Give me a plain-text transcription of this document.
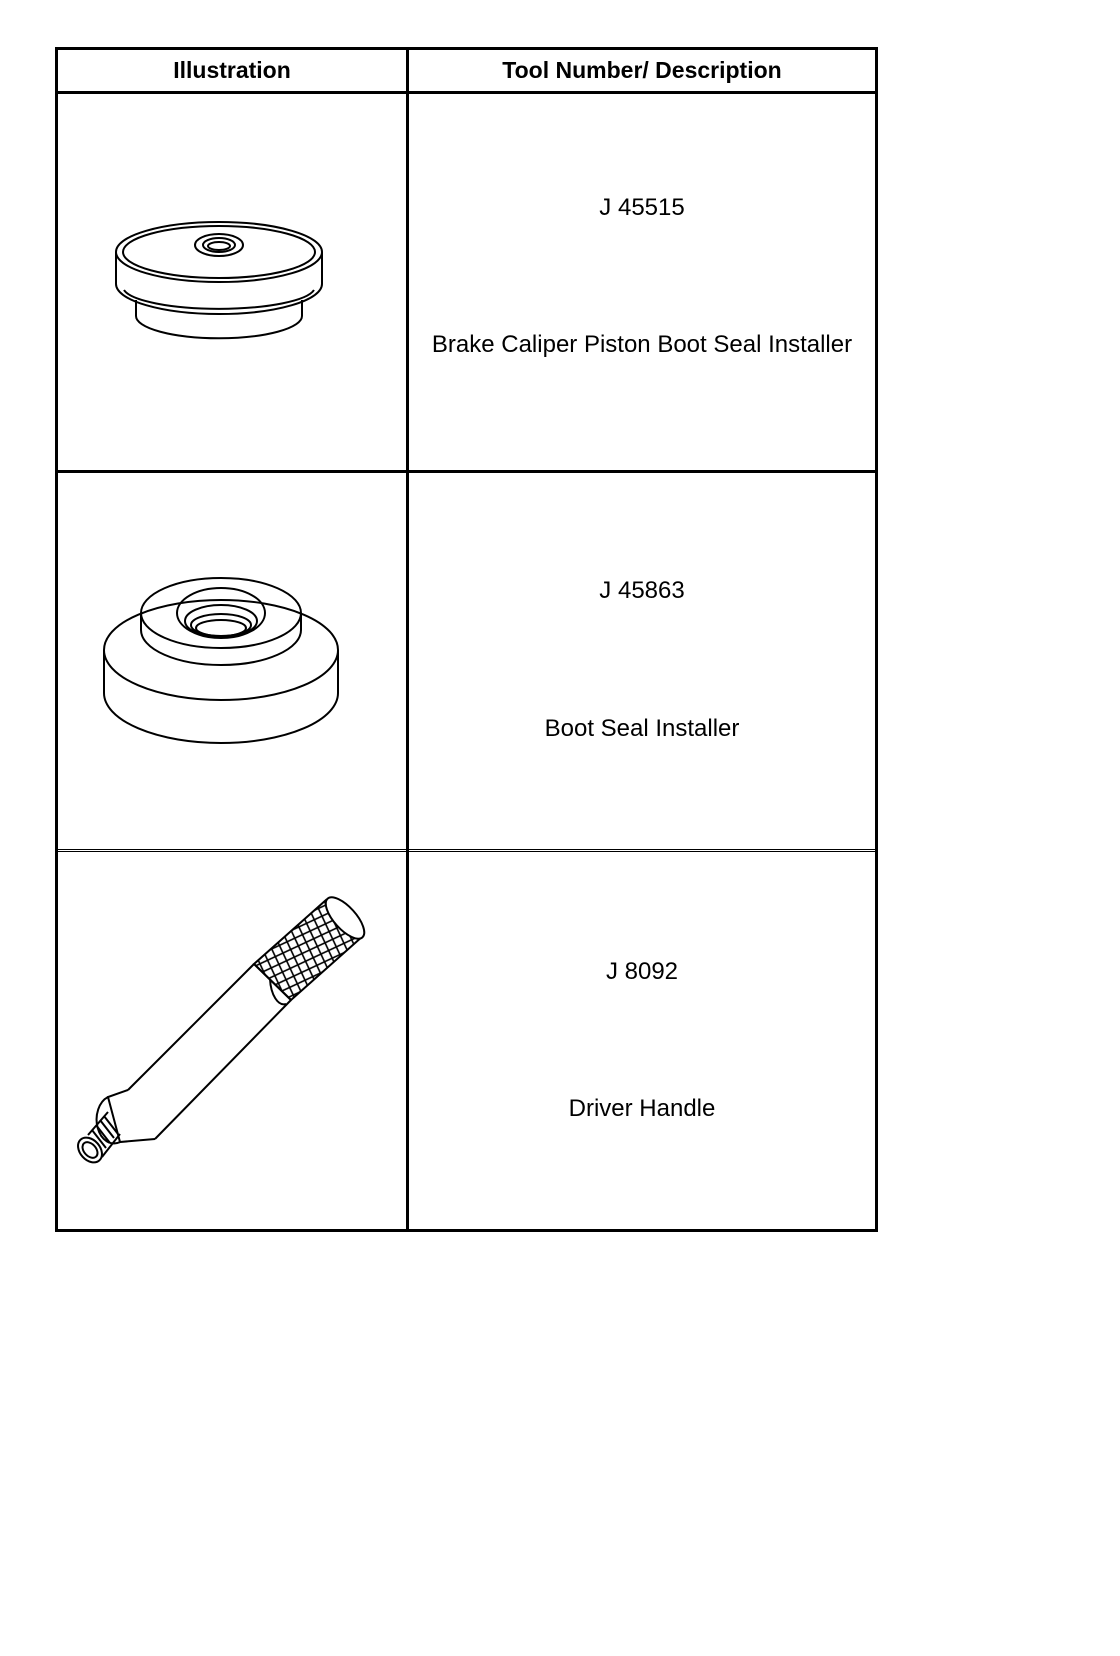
Illustration	Tool Number/ Description
J 45515
Brake Caliper Piston Boot Seal Installer
J 45863
Boot Seal Installer
J 8092
Driver Handle
